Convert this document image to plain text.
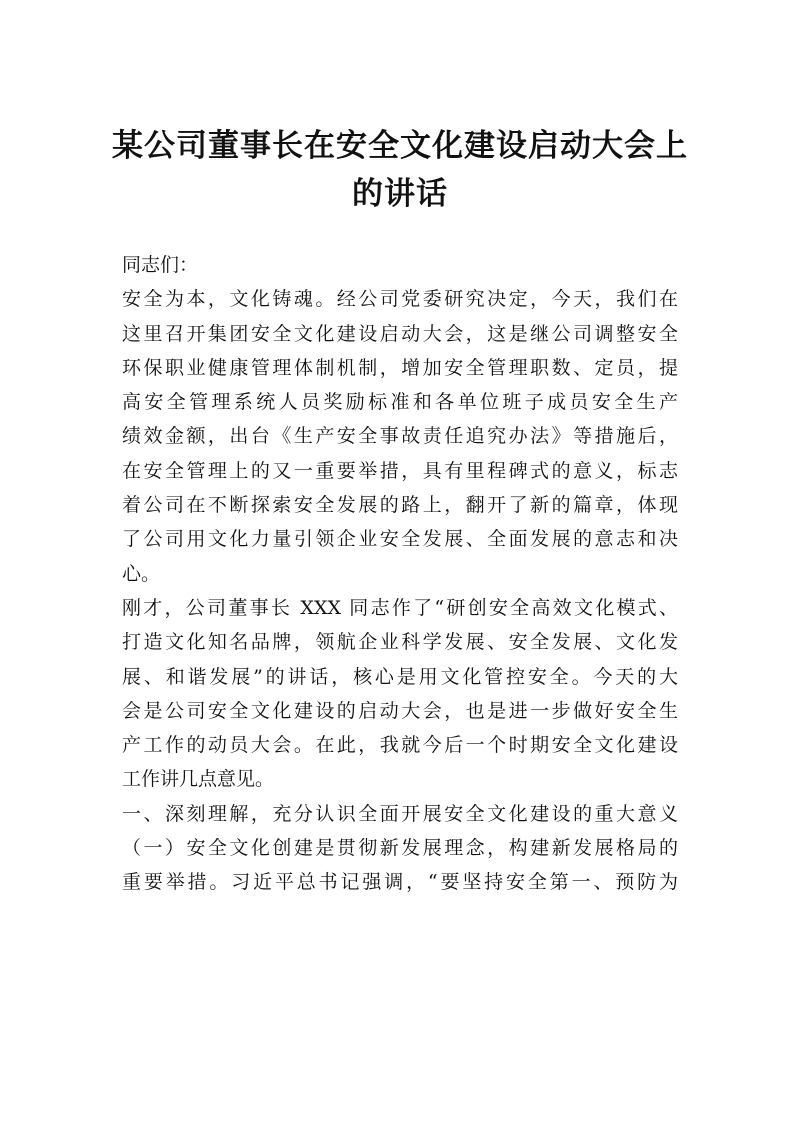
某公司董事长在安全文化建设启动大会上
的讲话
同志们：
安全为本，文化铸魂。经公司党委研究决定，今天，我们在
这里召开集团安全文化建设启动大会，这是继公司调整安全
环保职业健康管理体制机制，增加安全管理职数、定员，提
高安全管理系统人员奖励标准和各单位班子成员安全生产
绩效金额，出台《生产安全事故责任追究办法》等措施后，
在安全管理上的又一重要举措，具有里程碑式的意义，标志
着公司在不断探索安全发展的路上，翻开了新的篇章，体现
了公司用文化力量引领企业安全发展、全面发展的意志和决
心。
刚才，公司董事长 XXX 同志作了“研创安全高效文化模式、
打造文化知名品牌，领航企业科学发展、安全发展、文化发
展、和谐发展”的讲话，核心是用文化管控安全。今天的大
会是公司安全文化建设的启动大会，也是进一步做好安全生
产工作的动员大会。在此，我就今后一个时期安全文化建设
工作讲几点意见。
一、深刻理解，充分认识全面开展安全文化建设的重大意义
（一）安全文化创建是贯彻新发展理念，构建新发展格局的
重要举措。习近平总书记强调，“要坚持安全第一、预防为
